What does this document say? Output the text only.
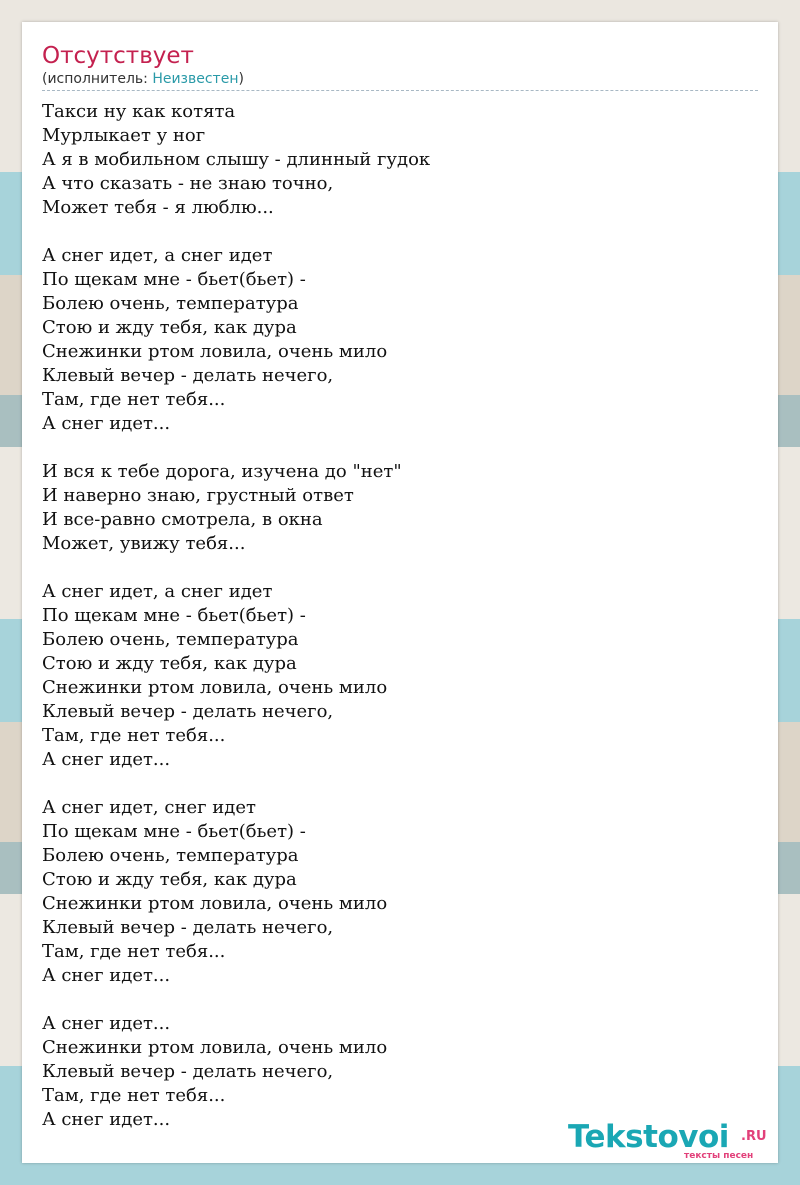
Отсутствует
(исполнитель: Неизвестен)
Такси ну как котята
Мурлыкает у ног
А я в мобильном слышу - длинный гудок
А что сказать - не знаю точно,
Может тебя - я люблю...
А снег идет, а снег идет
По щекам мне - бьет(бьет) -
Болею очень, температура
Стою и жду тебя, как дура
Снежинки ртом ловила, очень мило
Клевый вечер - делать нечего,
Там, где нет тебя...
А снег идет...
И вся к тебе дорога, изучена до "нет"
И наверно знаю, грустный ответ
И все-равно смотрела, в окна
Может, увижу тебя...
А снег идет, а снег идет
По щекам мне - бьет(бьет) -
Болею очень, температура
Стою и жду тебя, как дура
Снежинки ртом ловила, очень мило
Клевый вечер - делать нечего,
Там, где нет тебя...
А снег идет...
А снег идет, снег идет
По щекам мне - бьет(бьет) -
Болею очень, температура
Стою и жду тебя, как дура
Снежинки ртом ловила, очень мило
Клевый вечер - делать нечего,
Там, где нет тебя...
А снег идет...
А снег идет...
Снежинки ртом ловила, очень мило
Клевый вечер - делать нечего,
Там, где нет тебя...
А снег идет...	Tekstovoi .RU
тексты песен
